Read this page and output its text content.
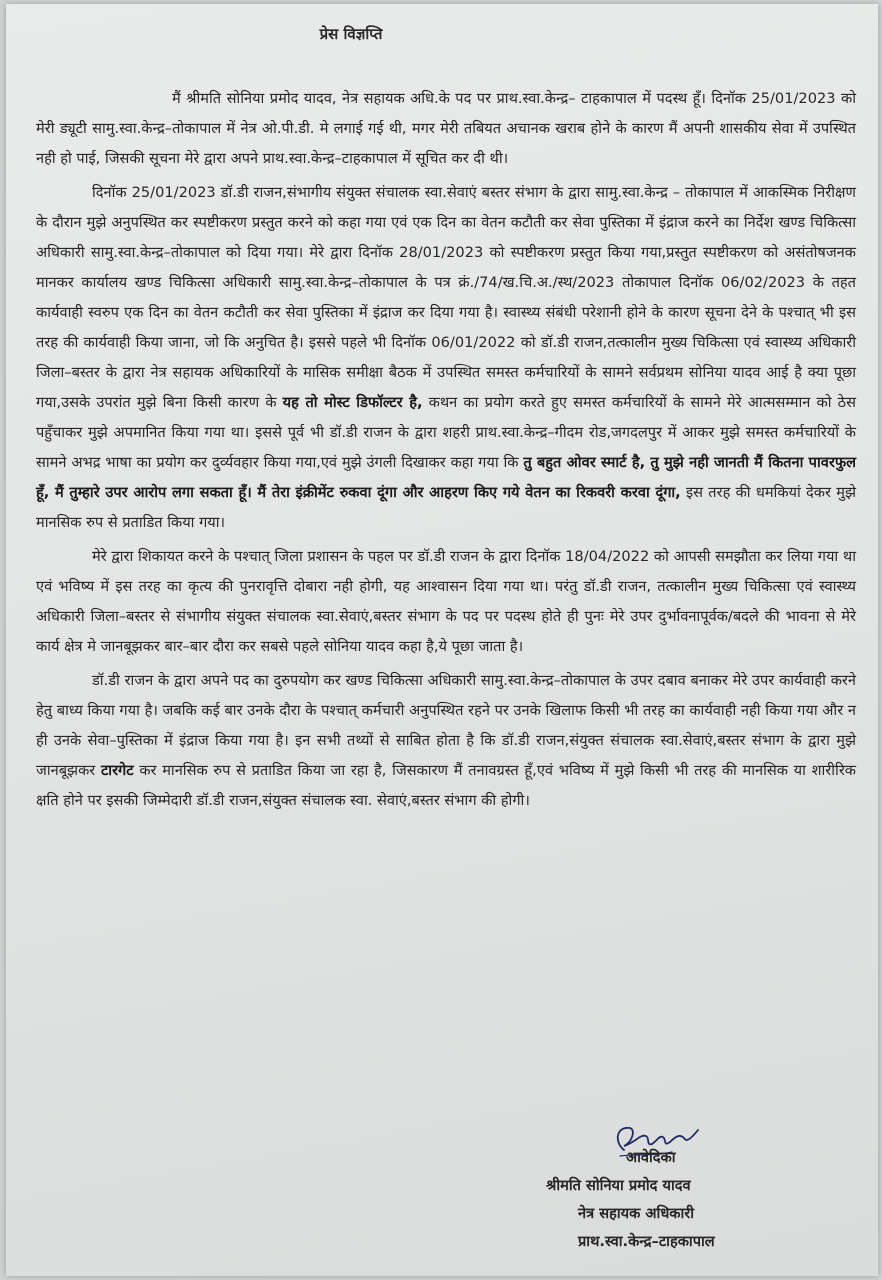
प्रेस विज्ञप्ति

मैं श्रीमति सोनिया प्रमोद यादव, नेत्र सहायक अधि.के पद पर प्राथ.स्वा.केन्द्र– टाहकापाल में पदस्थ हूँ। दिनॉक 25/01/2023 को मेरी ड्यूटी सामु.स्वा.केन्द्र–तोकापाल में नेत्र ओ.पी.डी. मे लगाई गई थी, मगर मेरी तबियत अचानक खराब होने के कारण मैं अपनी शासकीय सेवा में उपस्थित नही हो पाई, जिसकी सूचना मेरे द्वारा अपने प्राथ.स्वा.केन्द्र–टाहकापाल में सूचित कर दी थी।

दिनॉक 25/01/2023 डॉ.डी राजन,संभागीय संयुक्त संचालक स्वा.सेवाएं बस्तर संभाग के द्वारा सामु.स्वा.केन्द्र – तोकापाल में आकस्मिक निरीक्षण के दौरान मुझे अनुपस्थित कर स्पष्टीकरण प्रस्तुत करने को कहा गया एवं एक दिन का वेतन कटौती कर सेवा पुस्तिका में इंद्राज करने का निर्देश खण्ड चिकित्सा अधिकारी सामु.स्वा.केन्द्र–तोकापाल को दिया गया। मेरे द्वारा दिनॉक 28/01/2023 को स्पष्टीकरण प्रस्तुत किया गया,प्रस्तुत स्पष्टीकरण को असंतोषजनक मानकर कार्यालय खण्ड चिकित्सा अधिकारी सामु.स्वा.केन्द्र–तोकापाल के पत्र क्रं./74/ख.चि.अ./स्थ/2023 तोकापाल दिनॉक 06/02/2023 के तहत कार्यवाही स्वरुप एक दिन का वेतन कटौती कर सेवा पुस्तिका में इंद्राज कर दिया गया है। स्वास्थ्य संबंधी परेशानी होने के कारण सूचना देने के पश्चात् भी इस तरह की कार्यवाही किया जाना, जो कि अनुचित है। इससे पहले भी दिनॉक 06/01/2022 को डॉ.डी राजन,तत्कालीन मुख्य चिकित्सा एवं स्वास्थ्य अधिकारी जिला–बस्तर के द्वारा नेत्र सहायक अधिकारियों के मासिक समीक्षा बैठक में उपस्थित समस्त कर्मचारियों के सामने सर्वप्रथम सोनिया यादव आई है क्या पूछा गया,उसके उपरांत मुझे बिना किसी कारण के यह तो मोस्ट डिफॉल्टर है, कथन का प्रयोग करते हुए समस्त कर्मचारियों के सामने मेरे आत्मसम्मान को ठेस पहुँचाकर मुझे अपमानित किया गया था। इससे पूर्व भी डॉ.डी राजन के द्वारा शहरी प्राथ.स्वा.केन्द्र–गीदम रोड,जगदलपुर में आकर मुझे समस्त कर्मचारियों के सामने अभद्र भाषा का प्रयोग कर दुर्व्यवहार किया गया,एवं मुझे उंगली दिखाकर कहा गया कि तु बहुत ओवर स्मार्ट है, तु मुझे नही जानती मैं कितना पावरफुल हूँ, मैं तुम्हारे उपर आरोप लगा सकता हूँ। मैं तेरा इंक्रीमेंट रुकवा दूंगा और आहरण किए गये वेतन का रिकवरी करवा दूंगा, इस तरह की धमकियां देकर मुझे मानसिक रुप से प्रताडित किया गया।

मेरे द्वारा शिकायत करने के पश्चात् जिला प्रशासन के पहल पर डॉ.डी राजन के द्वारा दिनॉक 18/04/2022 को आपसी समझौता कर लिया गया था एवं भविष्य में इस तरह का कृत्य की पुनरावृत्ति दोबारा नही होगी, यह आश्वासन दिया गया था। परंतु डॉ.डी राजन, तत्कालीन मुख्य चिकित्सा एवं स्वास्थ्य अधिकारी जिला–बस्तर से संभागीय संयुक्त संचालक स्वा.सेवाएं,बस्तर संभाग के पद पर पदस्थ होते ही पुनः मेरे उपर दुर्भावनापूर्वक/बदले की भावना से मेरे कार्य क्षेत्र मे जानबूझकर बार–बार दौरा कर सबसे पहले सोनिया यादव कहा है,ये पूछा जाता है।

डॉ.डी राजन के द्वारा अपने पद का दुरुपयोग कर खण्ड चिकित्सा अधिकारी सामु.स्वा.केन्द्र–तोकापाल के उपर दबाव बनाकर मेरे उपर कार्यवाही करने हेतु बाध्य किया गया है। जबकि कई बार उनके दौरा के पश्चात् कर्मचारी अनुपस्थित रहने पर उनके खिलाफ किसी भी तरह का कार्यवाही नही किया गया और न ही उनके सेवा–पुस्तिका में इंद्राज किया गया है। इन सभी तथ्यों से साबित होता है कि डॉ.डी राजन,संयुक्त संचालक स्वा.सेवाएं,बस्तर संभाग के द्वारा मुझे जानबूझकर टारगेट कर मानसिक रुप से प्रताडित किया जा रहा है, जिसकारण मैं तनावग्रस्त हूँ,एवं भविष्य में मुझे किसी भी तरह की मानसिक या शारीरिक क्षति होने पर इसकी जिम्मेदारी डॉ.डी राजन,संयुक्त संचालक स्वा. सेवाएं,बस्तर संभाग की होगी।

आवेदिका
श्रीमति सोनिया प्रमोद यादव
नेत्र सहायक अधिकारी
प्राथ.स्वा.केन्द्र–टाहकापाल
